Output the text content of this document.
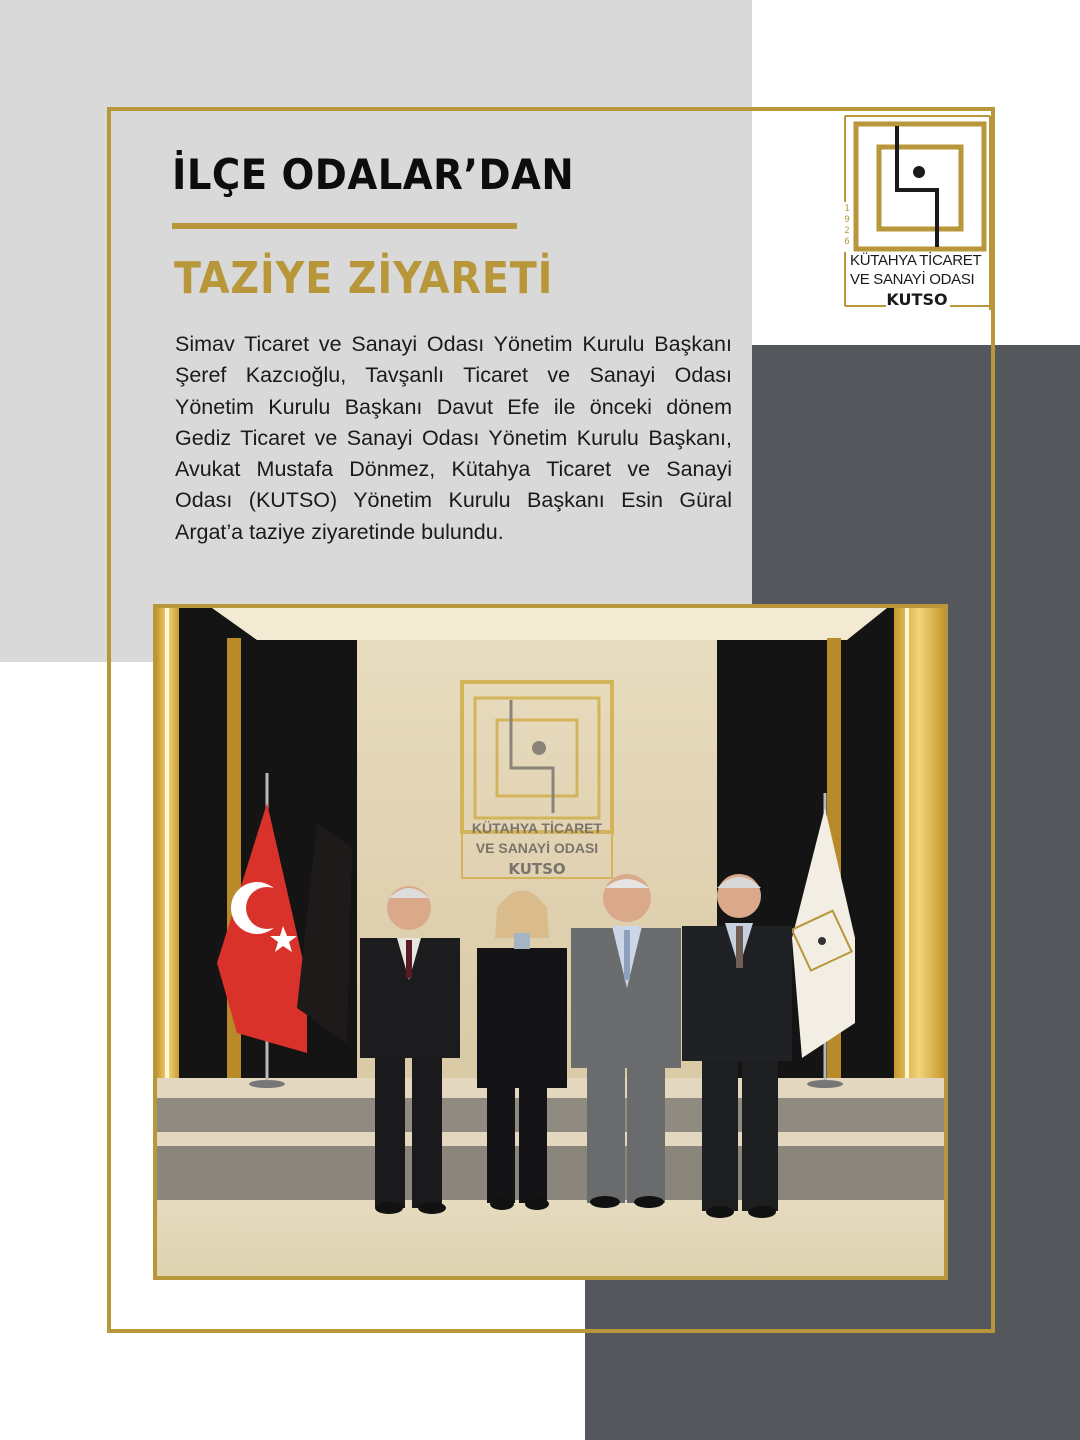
İLÇE ODALAR’DAN
TAZİYE ZİYARETİ

Simav Ticaret ve Sanayi Odası Yönetim Kurulu Başkanı Şeref Kazcıoğlu, Tavşanlı Ticaret ve Sanayi Odası Yönetim Kurulu Başkanı Davut Efe ile önceki dönem Gediz Ticaret ve Sanayi Odası Yönetim Kurulu Başkanı, Avukat Mustafa Dönmez, Kütahya Ticaret ve Sanayi Odası (KUTSO) Yönetim Kurulu Başkanı Esin Güral Argat’a taziye ziyaretinde bulundu.

1
9
2
6
KÜTAHYA TİCARET
VE SANAYİ ODASI
KUTSO
KÜTAHYA TİCARET
VE SANAYİ ODASI
KUTSO
